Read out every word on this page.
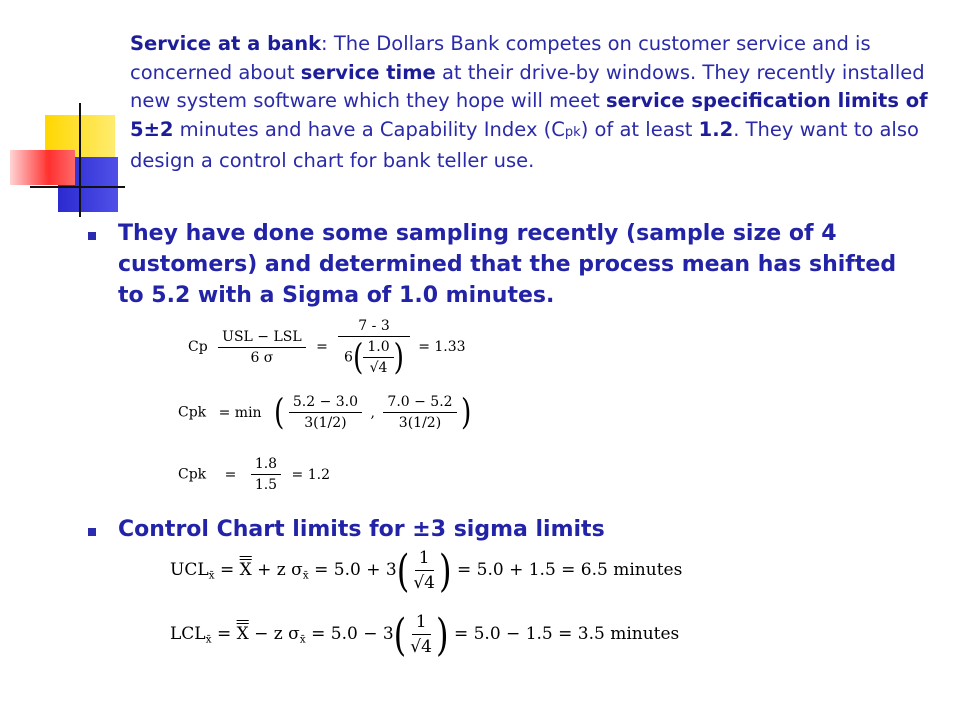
Service at a bank: The Dollars Bank competes on customer service and is concerned about service time at their drive-by windows. They recently installed new system software which they hope will meet service specification limits of 5±2 minutes and have a Capability Index (Cpk) of at least 1.2. They want to also design a control chart for bank teller use.
They have done some sampling recently (sample size of 4 customers) and determined that the process mean has shifted to 5.2 with a Sigma of 1.0 minutes.
Cp $\frac{\text{USL − LSL}}{6 \sigma} = \frac{7 - 3}{6( \frac{1.0}{√4} )} = 1.33$
Cpk = min ( $\frac{5.2 - 3.0}{3(1/2)}$ , $\frac{7.0 - 5.2}{3(1/2)}$ )
Cpk = $\frac{1.8}{1.5} = 1.2$
Control Chart limits for ±3 sigma limits
$UCL_{x̄} = X + z$ $\sigma_{x̄} = 5.0 + 3( \frac{1}{√4}$ ) = 5.0 + 1.5 = 6.5 minutes
$LCL_{x̄} = X - z$ $\sigma_{x̄} = 5.0 - 3( \frac{1}{√4}$ ) = 5.0 − 1.5 = 3.5 minutes
